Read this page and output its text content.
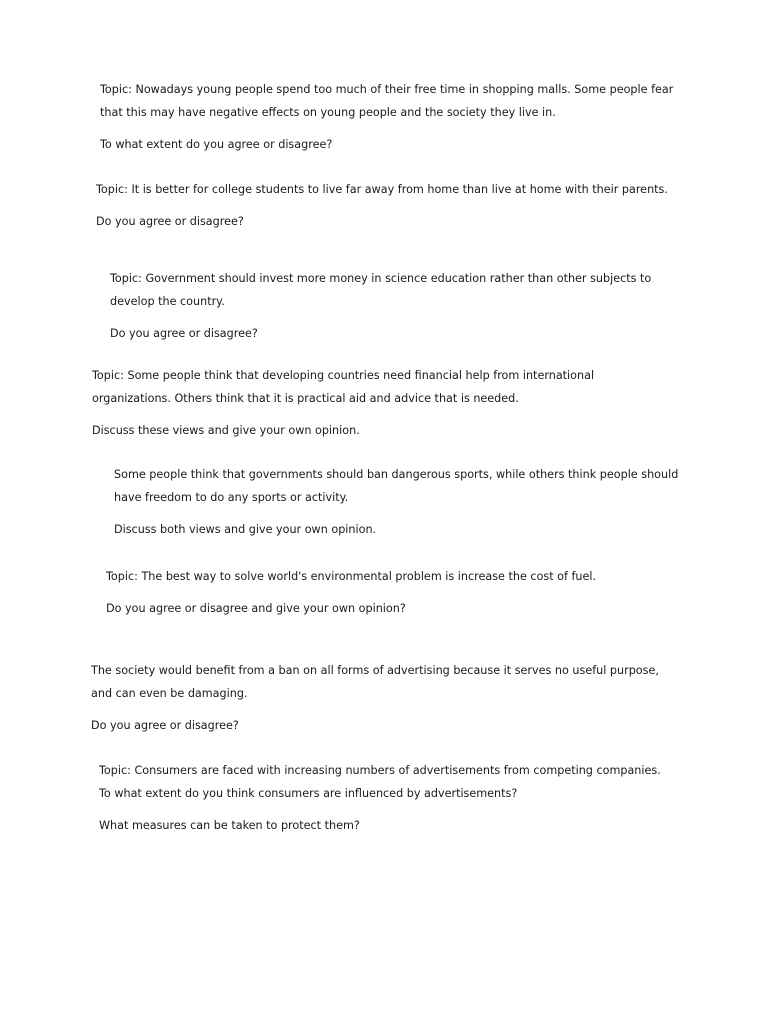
Topic: Nowadays young people spend too much of their free time in shopping malls. Some people fear

that this may have negative effects on young people and the society they live in.

To what extent do you agree or disagree?

Topic: It is better for college students to live far away from home than live at home with their parents.

Do you agree or disagree?

Topic: Government should invest more money in science education rather than other subjects to

develop the country.

Do you agree or disagree?

Topic: Some people think that developing countries need financial help from international

organizations. Others think that it is practical aid and advice that is needed.

Discuss these views and give your own opinion.

Some people think that governments should ban dangerous sports, while others think people should

have freedom to do any sports or activity.

Discuss both views and give your own opinion.

Topic: The best way to solve world's environmental problem is increase the cost of fuel.

Do you agree or disagree and give your own opinion?

The society would benefit from a ban on all forms of advertising because it serves no useful purpose,

and can even be damaging.

Do you agree or disagree?

Topic: Consumers are faced with increasing numbers of advertisements from competing companies.

To what extent do you think consumers are influenced by advertisements?

What measures can be taken to protect them?
